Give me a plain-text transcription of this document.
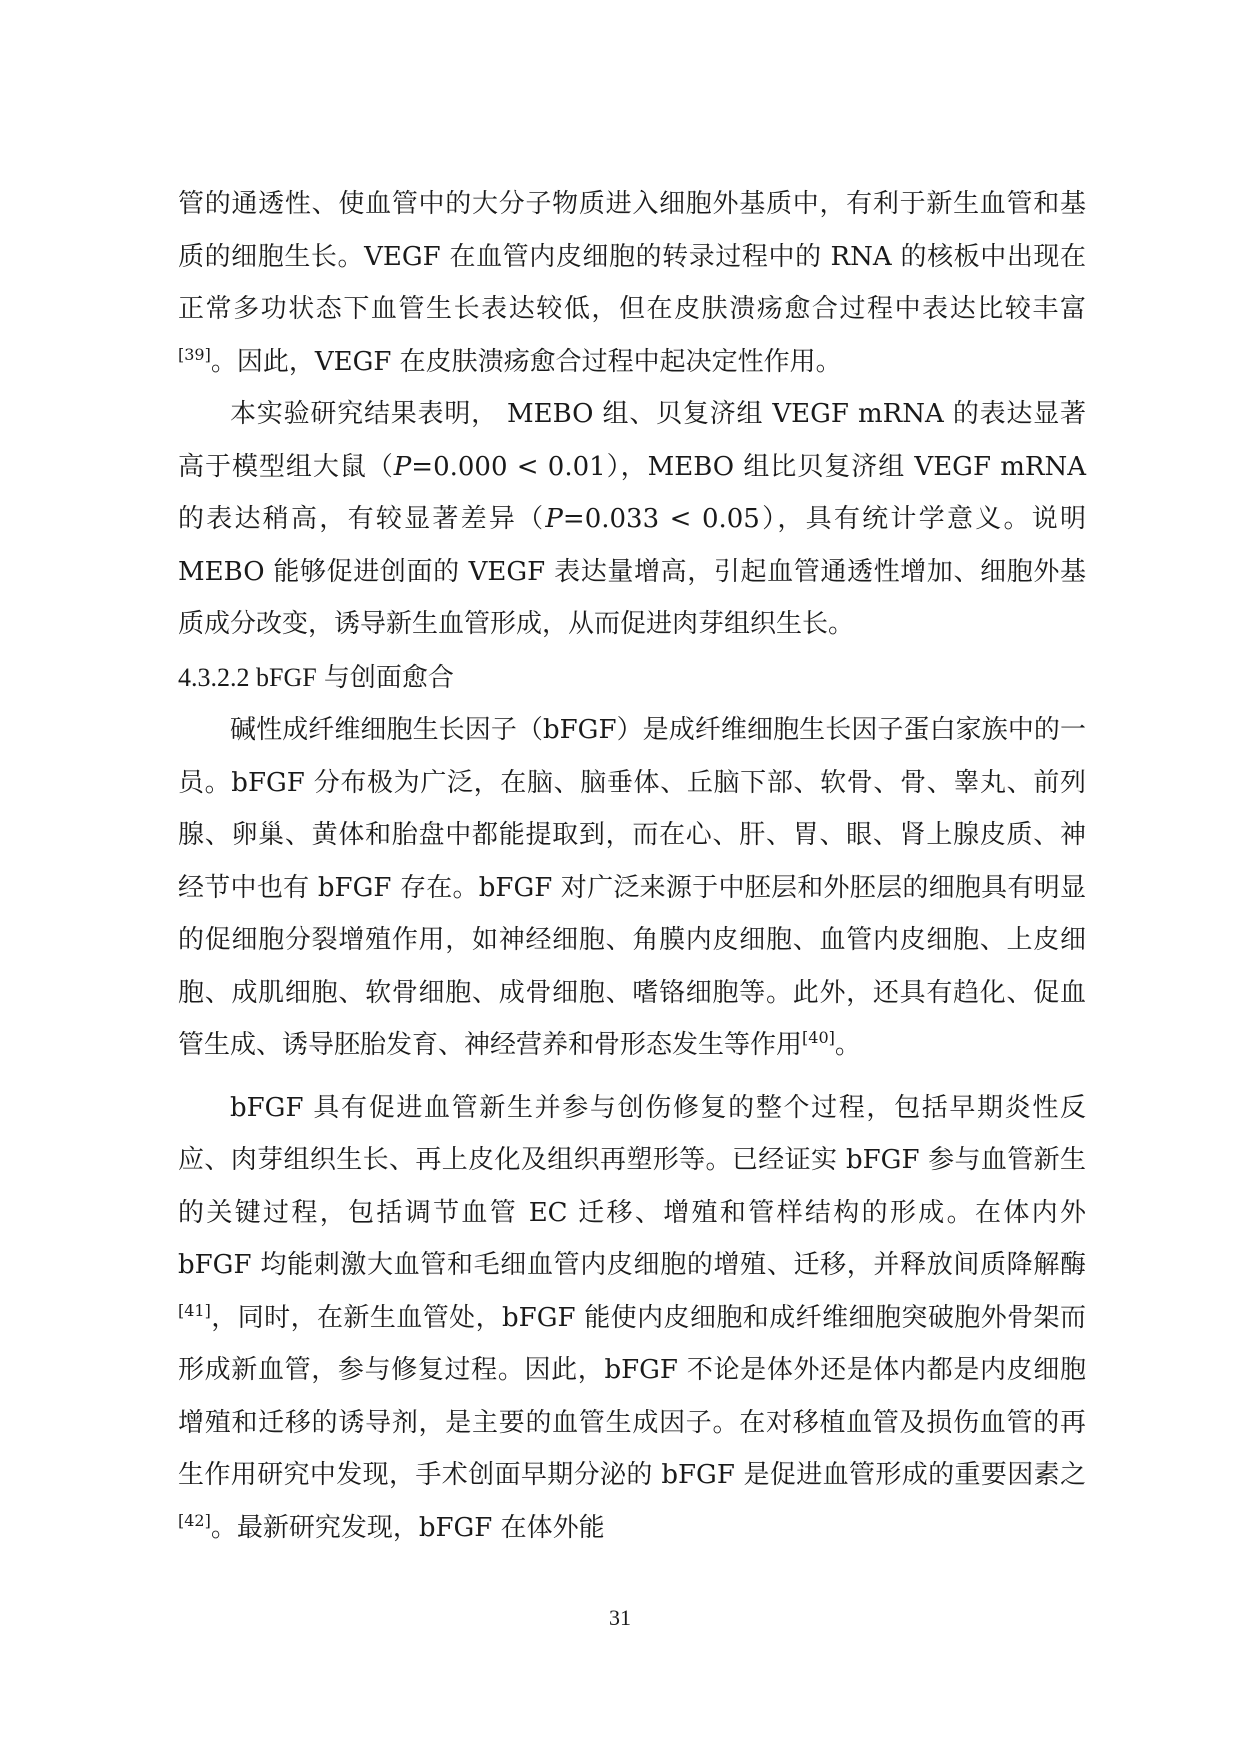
管的通透性、使血管中的大分子物质进入细胞外基质中，有利于新生血管和基质的细胞生长。VEGF 在血管内皮细胞的转录过程中的 RNA 的核板中出现在正常多功状态下血管生长表达较低，但在皮肤溃疡愈合过程中表达比较丰富[39]。因此，VEGF 在皮肤溃疡愈合过程中起决定性作用。

本实验研究结果表明， MEBO 组、贝复济组 VEGF mRNA 的表达显著高于模型组大鼠（P=0.000 < 0.01），MEBO 组比贝复济组 VEGF mRNA 的表达稍高，有较显著差异（P=0.033 < 0.05），具有统计学意义。说明 MEBO 能够促进创面的 VEGF 表达量增高，引起血管通透性增加、细胞外基质成分改变，诱导新生血管形成，从而促进肉芽组织生长。

4.3.2.2 bFGF 与创面愈合

碱性成纤维细胞生长因子（bFGF）是成纤维细胞生长因子蛋白家族中的一员。bFGF 分布极为广泛，在脑、脑垂体、丘脑下部、软骨、骨、睾丸、前列腺、卵巢、黄体和胎盘中都能提取到，而在心、肝、胃、眼、肾上腺皮质、神经节中也有 bFGF 存在。bFGF 对广泛来源于中胚层和外胚层的细胞具有明显的促细胞分裂增殖作用，如神经细胞、角膜内皮细胞、血管内皮细胞、上皮细胞、成肌细胞、软骨细胞、成骨细胞、嗜铬细胞等。此外，还具有趋化、促血管生成、诱导胚胎发育、神经营养和骨形态发生等作用[40]。

bFGF 具有促进血管新生并参与创伤修复的整个过程，包括早期炎性反应、肉芽组织生长、再上皮化及组织再塑形等。已经证实 bFGF 参与血管新生的关键过程，包括调节血管 EC 迁移、增殖和管样结构的形成。在体内外 bFGF 均能刺激大血管和毛细血管内皮细胞的增殖、迁移，并释放间质降解酶[41]，同时，在新生血管处，bFGF 能使内皮细胞和成纤维细胞突破胞外骨架而形成新血管，参与修复过程。因此，bFGF 不论是体外还是体内都是内皮细胞增殖和迁移的诱导剂，是主要的血管生成因子。在对移植血管及损伤血管的再生作用研究中发现，手术创面早期分泌的 bFGF 是促进血管形成的重要因素之[42]。最新研究发现，bFGF 在体外能

31
